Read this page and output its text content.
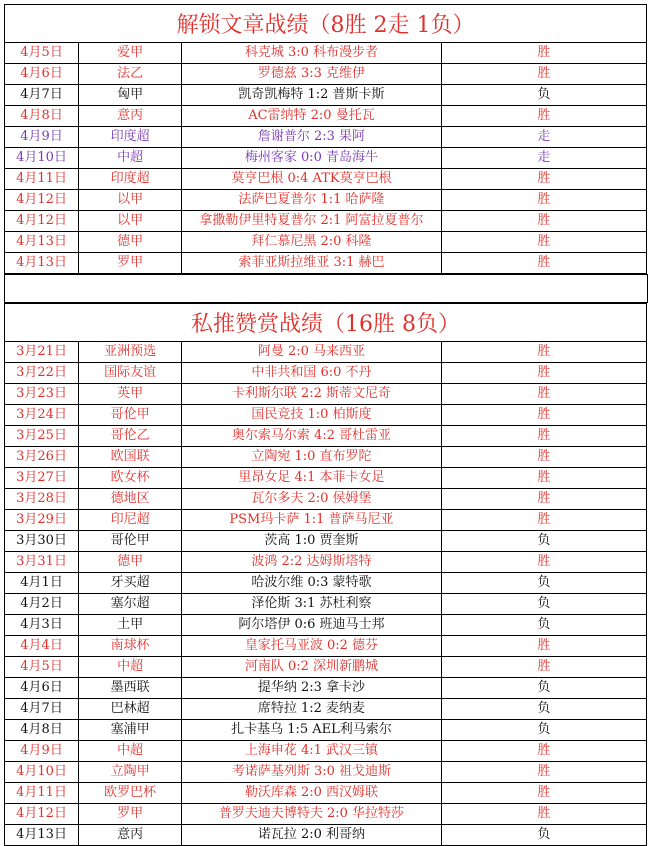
解锁文章战绩（8胜 2走 1负）
4月5日	爱甲	科克城 3:0 科布漫步者	胜
4月6日	法乙	罗德兹 3:3 克维伊	胜
4月7日	匈甲	凯奇凯梅特 1:2 普斯卡斯	负
4月8日	意丙	AC雷纳特 2:0 曼托瓦	胜
4月9日	印度超	詹谢普尔 2:3 果阿	走
4月10日	中超	梅州客家 0:0 青岛海牛	走
4月11日	印度超	莫亨巴根 0:4 ATK莫亨巴根	胜
4月12日	以甲	法萨巴夏普尔 1:1 哈萨隆	胜
4月12日	以甲	拿撒勒伊里特夏普尔 2:1 阿富拉夏普尔	胜
4月13日	德甲	拜仁慕尼黑 2:0 科隆	胜
4月13日	罗甲	索菲亚斯拉维亚 3:1 赫巴	胜
私推赞赏战绩（16胜 8负）
3月21日	亚洲预选	阿曼 2:0 马来西亚	胜
3月22日	国际友谊	中非共和国 6:0 不丹	胜
3月23日	英甲	卡利斯尔联 2:2 斯蒂文尼奇	胜
3月24日	哥伦甲	国民竞技 1:0 柏斯度	胜
3月25日	哥伦乙	奥尔索马尔索 4:2 哥杜雷亚	胜
3月26日	欧国联	立陶宛 1:0 直布罗陀	胜
3月27日	欧女杯	里昂女足 4:1 本菲卡女足	胜
3月28日	德地区	瓦尔多夫 2:0 侯姆堡	胜
3月29日	印尼超	PSM玛卡萨 1:1 普萨马尼亚	胜
3月30日	哥伦甲	茨高 1:0 贾奎斯	负
3月31日	德甲	波鸿 2:2 达姆斯塔特	胜
4月1日	牙买超	哈波尔维 0:3 蒙特歌	负
4月2日	塞尔超	泽伦斯 3:1 苏杜利察	负
4月3日	土甲	阿尔塔伊 0:6 班迪马士邦	负
4月4日	南球杯	皇家托马亚波 0:2 德芬	胜
4月5日	中超	河南队 0:2 深圳新鹏城	胜
4月6日	墨西联	提华纳 2:3 拿卡沙	负
4月7日	巴林超	席特拉 1:2 麦纳麦	负
4月8日	塞浦甲	扎卡基乌 1:5 AEL利马索尔	负
4月9日	中超	上海申花 4:1 武汉三镇	胜
4月10日	立陶甲	考诺萨基列斯 3:0 祖戈迪斯	胜
4月11日	欧罗巴杯	勒沃库森 2:0 西汉姆联	胜
4月12日	罗甲	普罗夫迪夫博特夫 2:0 华拉特莎	胜
4月13日	意丙	诺瓦拉 2:0 利哥纳	负
